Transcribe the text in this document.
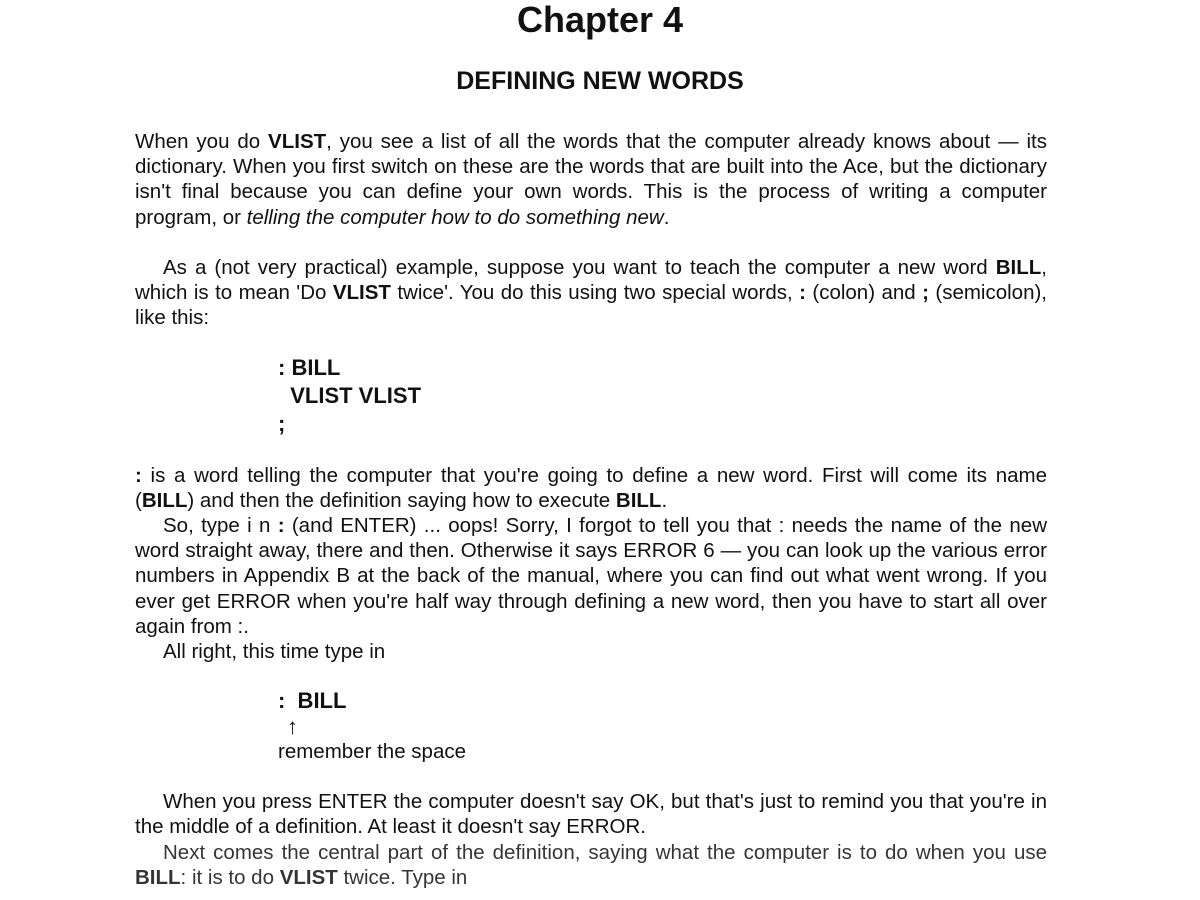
Chapter 4
DEFINING NEW WORDS

When you do VLIST, you see a list of all the words that the computer already knows about — its dictionary. When you first switch on these are the words that are built into the Ace, but the dictionary isn't final because you can define your own words. This is the process of writing a computer program, or telling the computer how to do something new.

As a (not very practical) example, suppose you want to teach the computer a new word BILL, which is to mean 'Do VLIST twice'. You do this using two special words, : (colon) and ; (semicolon), like this:

: BILL
VLIST VLIST
;

: is a word telling the computer that you're going to define a new word. First will come its name (BILL) and then the definition saying how to execute BILL.

So, type i n : (and ENTER) ... oops! Sorry, I forgot to tell you that : needs the name of the new word straight away, there and then. Otherwise it says ERROR 6 — you can look up the various error numbers in Appendix B at the back of the manual, where you can find out what went wrong. If you ever get ERROR when you're half way through defining a new word, then you have to start all over again from :.

All right, this time type in

:  BILL
↑
remember the space

When you press ENTER the computer doesn't say OK, but that's just to remind you that you're in the middle of a definition. At least it doesn't say ERROR.

Next comes the central part of the definition, saying what the computer is to do when you use BILL: it is to do VLIST twice. Type in
